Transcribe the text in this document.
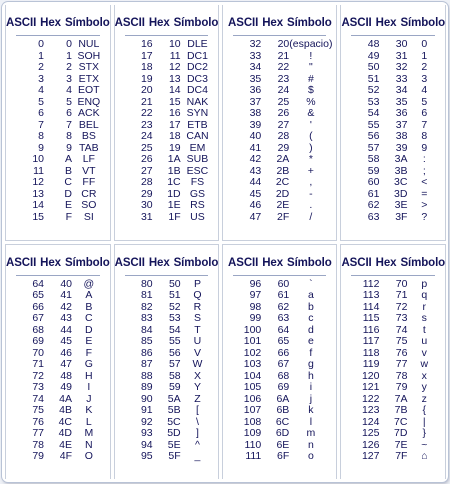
ASCII Hex Símbolo
0	0 NUL
1	1 SOH
2	2 STX
3	3 ETX
4	4 EOT
5	5 ENQ
6	6 ACK
7	7 BEL
8	8 BS
9	9 TAB
10	A	LF
11	B VT
12	C FF
13	D CR
14	E SO
15	F	SI
ASCII Hex Símbolo
16	10 DLE
17	11 DC1
18	12 DC2
19	13 DC3
20	14 DC4
21	15 NAK
22	16 SYN
23	17 ETB
24	18 CAN
25	19 EM
26	1A SUB
27	1B ESC
28	1C FS
29	1D GS
30	1E RS
31	1F US
ASCII Hex Símbolo
32	20 (espacio)
33	21	!
34	22	"
35	23	#
36	24	$
37	25	%
38	26	&
39	27	'
40	28	(
41	29	)
42	2A	*
43	2B	+
44	2C	,
45	2D	-
46	2E	.
47	2F	/
ASCII Hex Símbolo
48	30	0
49	31	1
50	32	2
51	33	3
52	34	4
53	35	5
54	36	6
55	37	7
56	38	8
57	39	9
58	3A	:
59	3B	;
60	3C	<
61	3D	=
62	3E	>
63	3F	?
ASCII Hex Símbolo
64	40	@
65	41	A
66	42	B
67	43	C
68	44	D
69	45	E
70	46	F
71	47	G
72	48	H
73	49	I
74	4A	J
75	4B	K
76	4C	L
77	4D	M
78	4E	N
79	4F	O
ASCII Hex Símbolo
80	50	P
81	51	Q
82	52	R
83	53	S
84	54	T
85	55	U
86	56	V
87	57	W
88	58	X
89	59	Y
90	5A	Z
91	5B	[
92	5C	\
93	5D	]
94	5E	^
95	5F	_
ASCII Hex Símbolo
96	60	`
97	61	a
98	62	b
99	63	c
100	64	d
101	65	e
102	66	f
103	67	g
104	68	h
105	69	i
106	6A	j
107	6B	k
108	6C	l
109	6D	m
110	6E	n
111	6F	o
ASCII Hex Símbolo
112	70	p
113	71	q
114	72	r
115	73	s
116	74	t
117	75	u
118	76	v
119	77	w
120	78	x
121	79	y
122	7A	z
123	7B	{
124	7C	|
125	7D	}
126	7E	~
127	7F	⌂
